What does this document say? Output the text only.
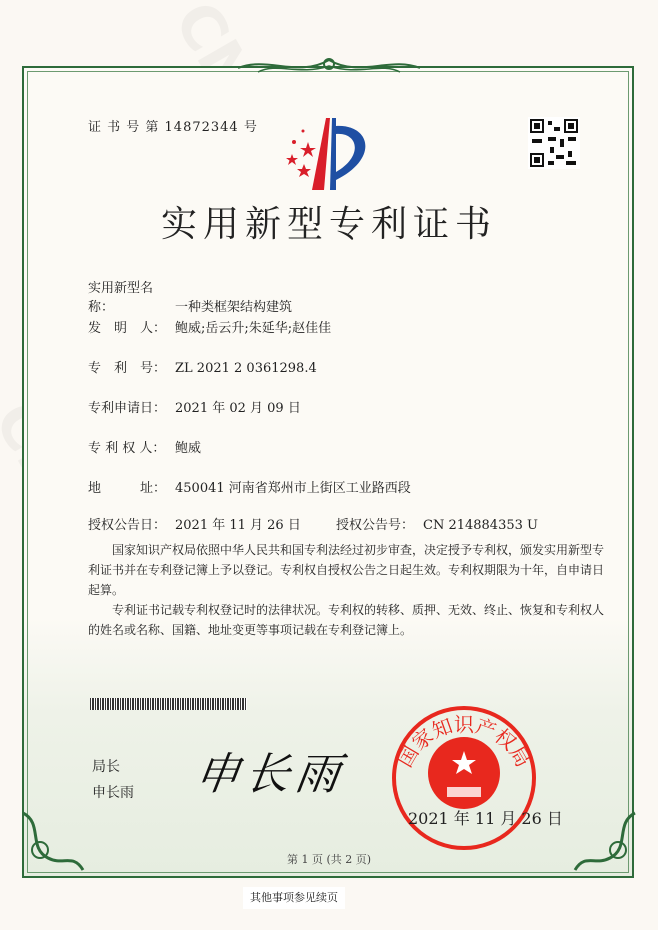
证 书 号 第 14872344 号
实用新型专利证书
实用新型名称：	一种类框架结构建筑
发　明　人： 鲍威;岳云升;朱延华;赵佳佳
专　利　号： ZL 2021 2 0361298.4
专利申请日： 2021 年 02 月 09 日
专 利 权 人： 鲍威
地　　　址： 450041 河南省郑州市上街区工业路西段
授权公告日： 2021 年 11 月 26 日	授权公告号： CN 214884353 U

国家知识产权局依照中华人民共和国专利法经过初步审查，决定授予专利权，颁发实用新型专利证书并在专利登记簿上予以登记。专利权自授权公告之日起生效。专利权期限为十年，自申请日起算。

专利证书记载专利权登记时的法律状况。专利权的转移、质押、无效、终止、恢复和专利权人的姓名或名称、国籍、地址变更等事项记载在专利登记簿上。

局长
申长雨 申长雨 国家知识产权局
2021 年 11 月 26 日
第 1 页 (共 2 页)
其他事项参见续页
